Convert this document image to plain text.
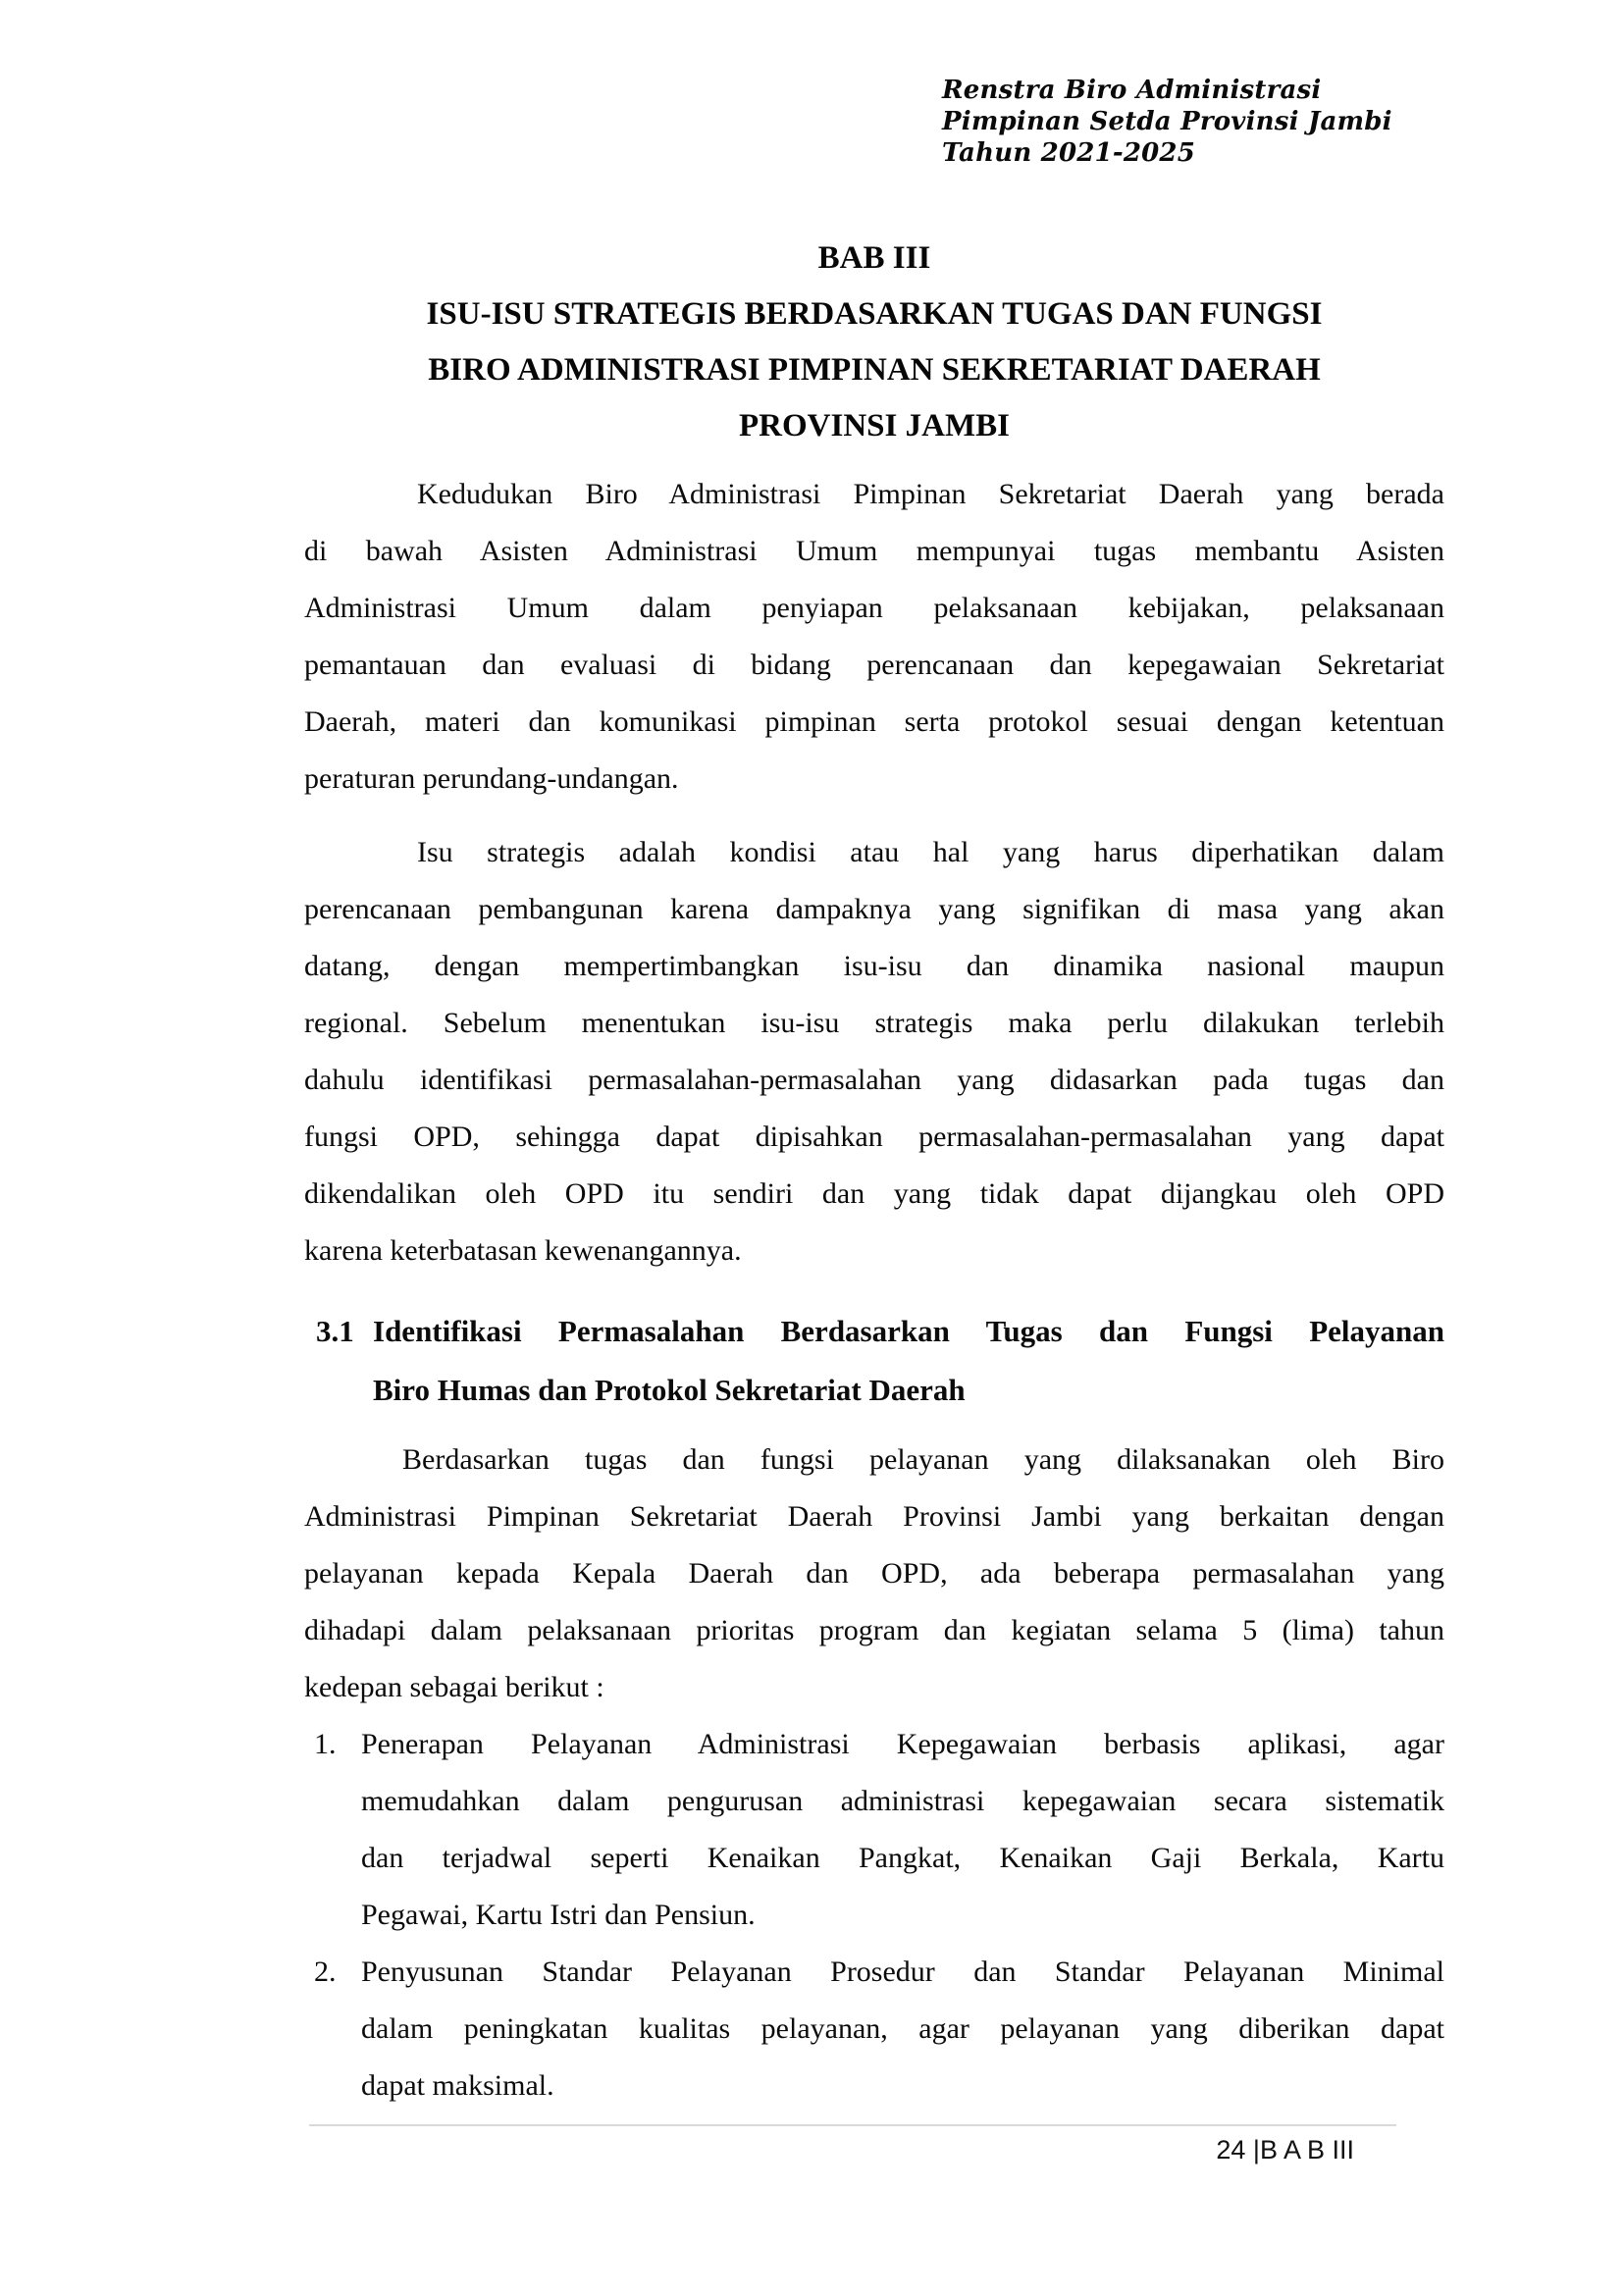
Renstra Biro Administrasi
Pimpinan Setda Provinsi Jambi
Tahun 2021-2025
BAB III
ISU-ISU STRATEGIS BERDASARKAN TUGAS DAN FUNGSI
BIRO ADMINISTRASI PIMPINAN SEKRETARIAT DAERAH
PROVINSI JAMBI
Kedudukan Biro Administrasi Pimpinan Sekretariat Daerah yang berada
di bawah Asisten Administrasi Umum mempunyai tugas membantu Asisten
Administrasi Umum dalam penyiapan pelaksanaan kebijakan, pelaksanaan
pemantauan dan evaluasi di bidang perencanaan dan kepegawaian Sekretariat
Daerah, materi dan komunikasi pimpinan serta protokol sesuai dengan ketentuan
peraturan perundang-undangan.
Isu strategis adalah kondisi atau hal yang harus diperhatikan dalam
perencanaan pembangunan karena dampaknya yang signifikan di masa yang akan
datang, dengan mempertimbangkan isu-isu dan dinamika nasional maupun
regional. Sebelum menentukan isu-isu strategis maka perlu dilakukan terlebih
dahulu identifikasi permasalahan-permasalahan yang didasarkan pada tugas dan
fungsi OPD, sehingga dapat dipisahkan permasalahan-permasalahan yang dapat
dikendalikan oleh OPD itu sendiri dan yang tidak dapat dijangkau oleh OPD
karena keterbatasan kewenangannya.
3.1 Identifikasi Permasalahan Berdasarkan Tugas dan Fungsi Pelayanan
Biro Humas dan Protokol Sekretariat Daerah
Berdasarkan tugas dan fungsi pelayanan yang dilaksanakan oleh Biro
Administrasi Pimpinan Sekretariat Daerah Provinsi Jambi yang berkaitan dengan
pelayanan kepada Kepala Daerah dan OPD, ada beberapa permasalahan yang
dihadapi dalam pelaksanaan prioritas program dan kegiatan selama 5 (lima) tahun
kedepan sebagai berikut :
1. Penerapan Pelayanan Administrasi Kepegawaian berbasis aplikasi, agar
memudahkan dalam pengurusan administrasi kepegawaian secara sistematik
dan terjadwal seperti Kenaikan Pangkat, Kenaikan Gaji Berkala, Kartu
Pegawai, Kartu Istri dan Pensiun.
2. Penyusunan Standar Pelayanan Prosedur dan Standar Pelayanan Minimal
dalam peningkatan kualitas pelayanan, agar pelayanan yang diberikan dapat
dapat maksimal.
24 |B A B III
